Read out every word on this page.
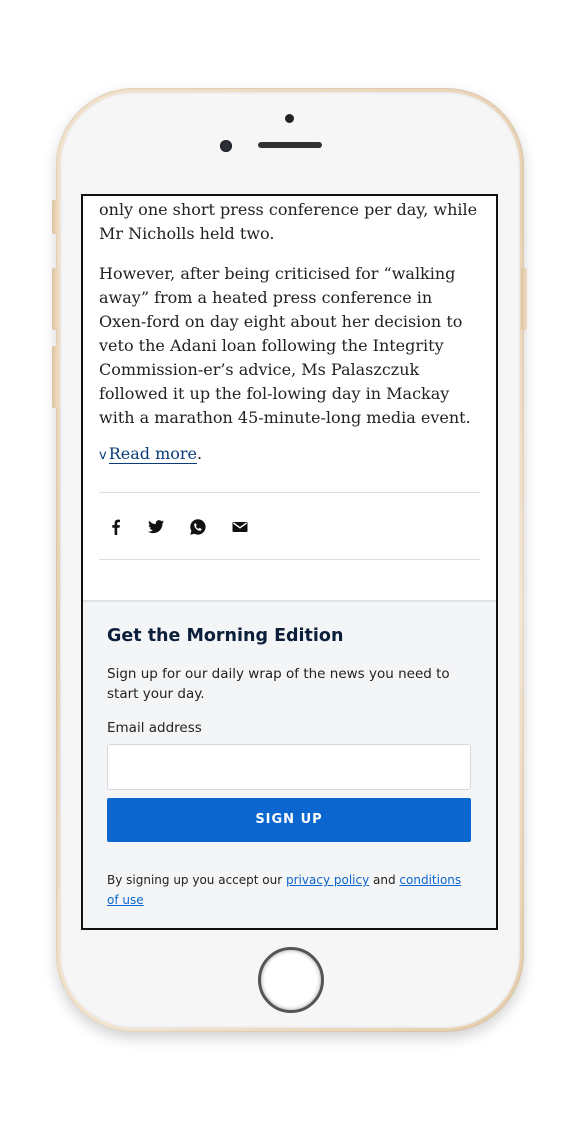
only one short press conference per day, while Mr Nicholls held two.

However, after being criticised for “walking away” from a heated press conference in Oxen-ford on day eight about her decision to veto the Adani loan following the Integrity Commission-er’s advice, Ms Palaszczuk followed it up the fol-lowing day in Mackay with a marathon 45-minute-long media event.

v Read more.
Get the Morning Edition
Sign up for our daily wrap of the news you need to start your day.
Email address
SIGN UP
By signing up you accept our privacy policy and conditions of use
